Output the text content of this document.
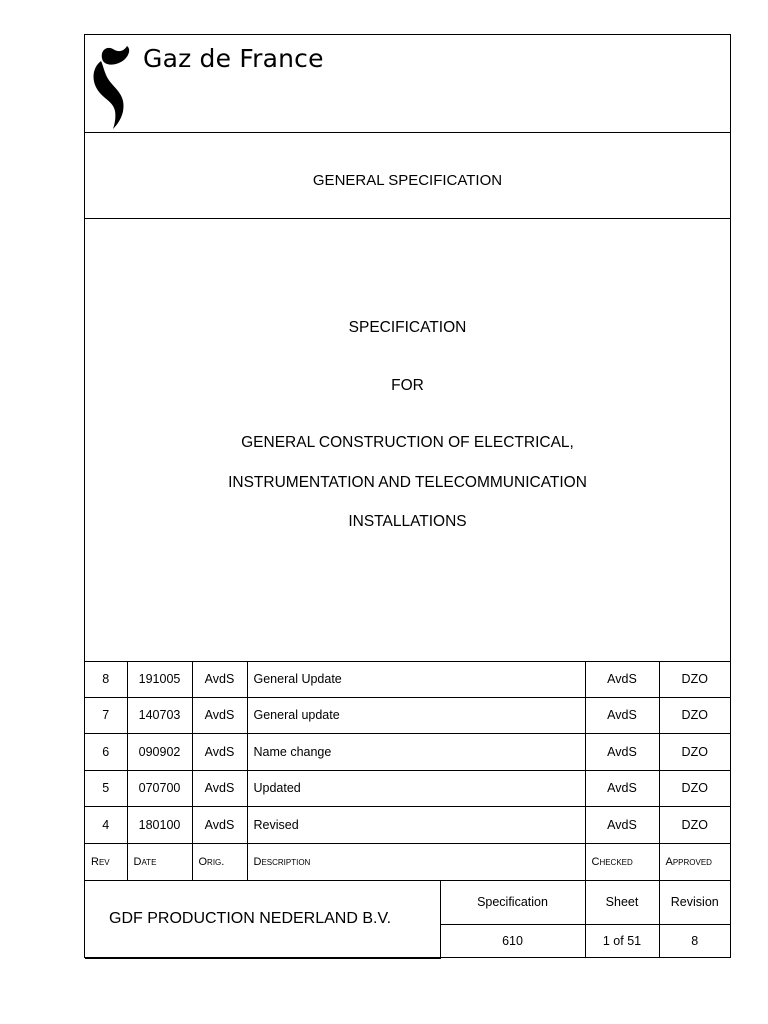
Gaz de France
GENERAL SPECIFICATION
SPECIFICATION
FOR
GENERAL CONSTRUCTION OF ELECTRICAL,
INSTRUMENTATION AND TELECOMMUNICATION
INSTALLATIONS
8	191005	AvdS	General Update	AvdS	DZO
7	140703	AvdS	General update	AvdS	DZO
6	090902	AvdS	Name change	AvdS	DZO
5	070700	AvdS	Updated	AvdS	DZO
4	180100	AvdS	Revised	AvdS	DZO
Rev	Date	Orig.	Description	Checked	Approved
GDF PRODUCTION NEDERLAND B.V.	Specification	Sheet	Revision
	610	1 of 51	8
